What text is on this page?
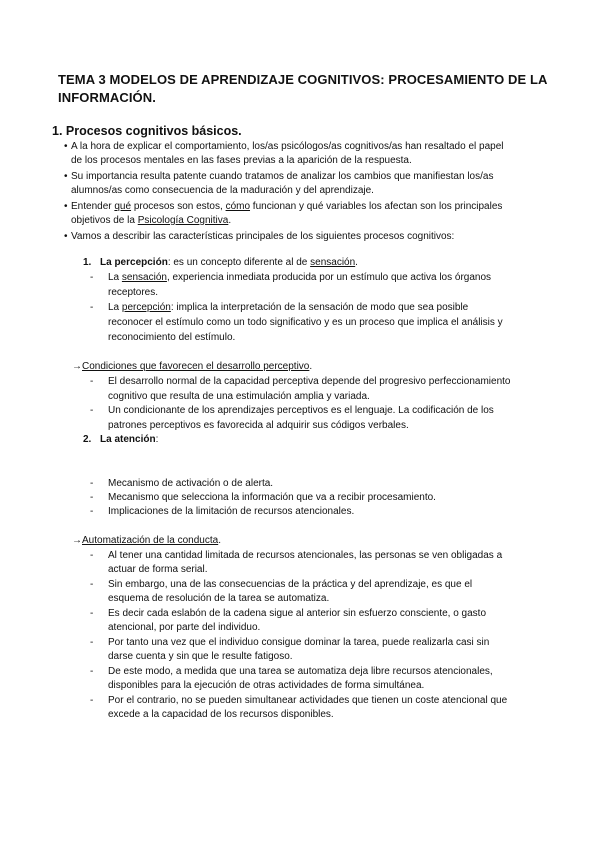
TEMA 3 MODELOS DE APRENDIZAJE COGNITIVOS: PROCESAMIENTO DE LA
INFORMACIÓN.
1. Procesos cognitivos básicos.
• A la hora de explicar el comportamiento, los/as psicólogos/as cognitivos/as han resaltado el papel
de los procesos mentales en las fases previas a la aparición de la respuesta.
• Su importancia resulta patente cuando tratamos de analizar los cambios que manifiestan los/as
alumnos/as como consecuencia de la maduración y del aprendizaje.
• Entender qué procesos son estos, cómo funcionan y qué variables los afectan son los principales
objetivos de la Psicología Cognitiva.
• Vamos a describir las características principales de los siguientes procesos cognitivos:
1. La percepción: es un concepto diferente al de sensación.
- La sensación, experiencia inmediata producida por un estímulo que activa los órganos
receptores.
- La percepción: implica la interpretación de la sensación de modo que sea posible
reconocer el estímulo como un todo significativo y es un proceso que implica el análisis y
reconocimiento del estímulo.
→Condiciones que favorecen el desarrollo perceptivo.
- El desarrollo normal de la capacidad perceptiva depende del progresivo perfeccionamiento
cognitivo que resulta de una estimulación amplia y variada.
- Un condicionante de los aprendizajes perceptivos es el lenguaje. La codificación de los
patrones perceptivos es favorecida al adquirir sus códigos verbales.
2. La atención:
- Mecanismo de activación o de alerta.
- Mecanismo que selecciona la información que va a recibir procesamiento.
- Implicaciones de la limitación de recursos atencionales.
→Automatización de la conducta.
- Al tener una cantidad limitada de recursos atencionales, las personas se ven obligadas a
actuar de forma serial.
- Sin embargo, una de las consecuencias de la práctica y del aprendizaje, es que el
esquema de resolución de la tarea se automatiza.
- Es decir cada eslabón de la cadena sigue al anterior sin esfuerzo consciente, o gasto
atencional, por parte del individuo.
- Por tanto una vez que el individuo consigue dominar la tarea, puede realizarla casi sin
darse cuenta y sin que le resulte fatigoso.
- De este modo, a medida que una tarea se automatiza deja libre recursos atencionales,
disponibles para la ejecución de otras actividades de forma simultánea.
- Por el contrario, no se pueden simultanear actividades que tienen un coste atencional que
excede a la capacidad de los recursos disponibles.
